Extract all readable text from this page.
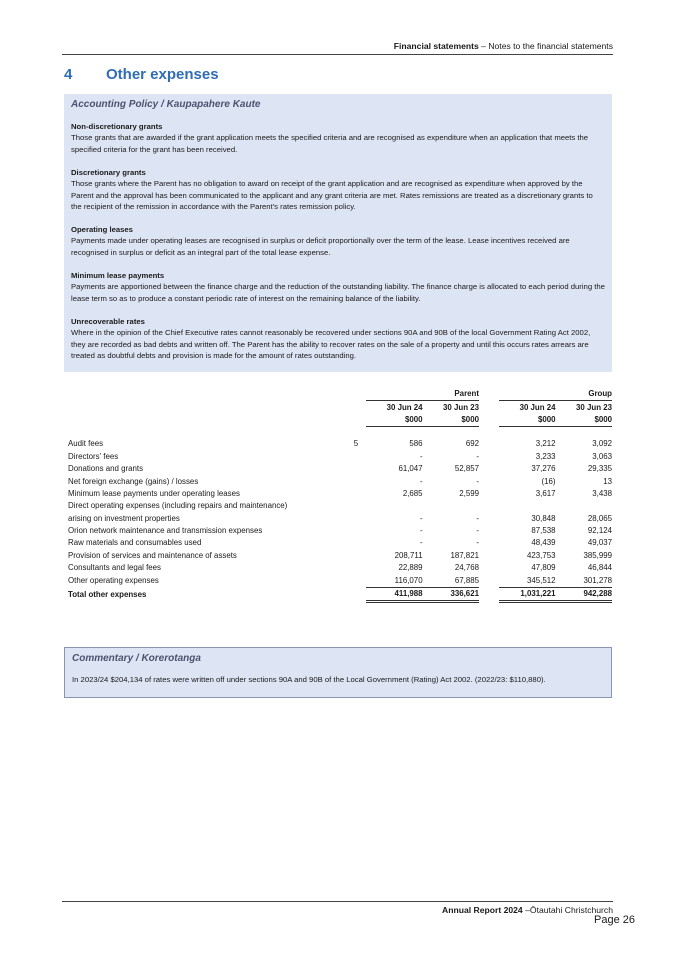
Financial statements – Notes to the financial statements
4 Other expenses
Accounting Policy / Kaupapahere Kaute
Non-discretionary grants
Those grants that are awarded if the grant application meets the specified criteria and are recognised as expenditure when an application that meets the specified criteria for the grant has been received.
Discretionary grants
Those grants where the Parent has no obligation to award on receipt of the grant application and are recognised as expenditure when approved by the Parent and the approval has been communicated to the applicant and any grant criteria are met. Rates remissions are treated as a discretionary grants to the recipient of the remission in accordance with the Parent's rates remission policy.
Operating leases
Payments made under operating leases are recognised in surplus or deficit proportionally over the term of the lease. Lease incentives received are recognised in surplus or deficit as an integral part of the total lease expense.
Minimum lease payments
Payments are apportioned between the finance charge and the reduction of the outstanding liability. The finance charge is allocated to each period during the lease term so as to produce a constant periodic rate of interest on the remaining balance of the liability.
Unrecoverable rates
Where in the opinion of the Chief Executive rates cannot reasonably be recovered under sections 90A and 90B of the local Government Rating Act 2002, they are recorded as bad debts and written off. The Parent has the ability to recover rates on the sale of a property and until this occurs rates arrears are treated as doubtful debts and provision is made for the amount of rates outstanding.
			Parent			Group	
			30 Jun 24	30 Jun 23		30 Jun 24	30 Jun 23
			$000	$000		$000	$000

Audit fees	5		586	692		3,212	3,092
Directors' fees			-	-		3,233	3,063
Donations and grants			61,047	52,857		37,276	29,335
Net foreign exchange (gains) / losses			-	-		(16)	13
Minimum lease payments under operating leases			2,685	2,599		3,617	3,438
Direct operating expenses (including repairs and maintenance)							
arising on investment properties			-	-		30,848	28,065
Orion network maintenance and transmission expenses			-	-		87,538	92,124
Raw materials and consumables used			-	-		48,439	49,037
Provision of services and maintenance of assets			208,711	187,821		423,753	385,999
Consultants and legal fees			22,889	24,768		47,809	46,844
Other operating expenses			116,070	67,885		345,512	301,278
Total other expenses			411,988	336,621		1,031,221	942,288
Commentary / Korerotanga
In 2023/24 $204,134 of rates were written off under sections 90A and 90B of the Local Government (Rating) Act 2002. (2022/23: $110,880).
Annual Report 2024 –Ōtautahi Christchurch
Page 26
